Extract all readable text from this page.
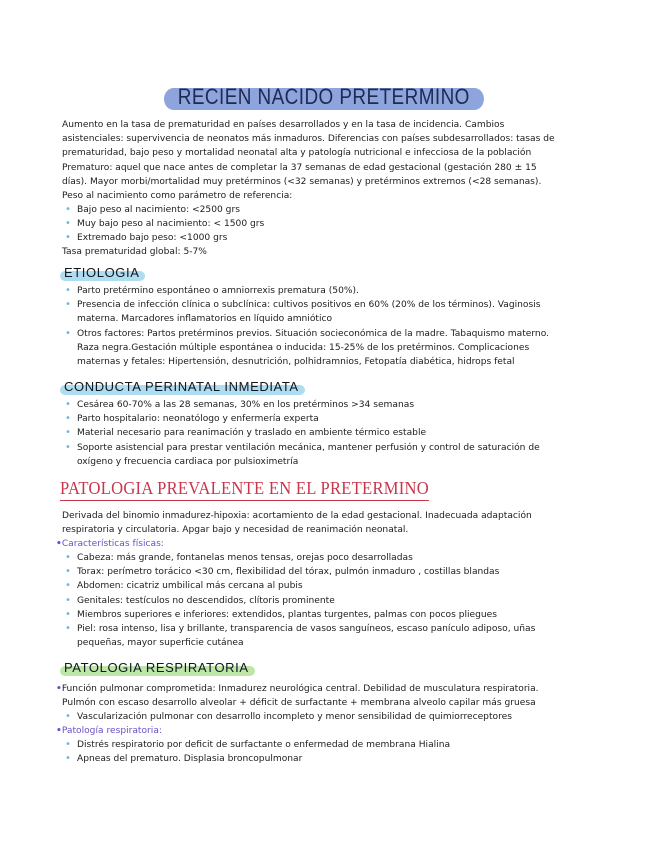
RECIEN NACIDO PRETERMINO
Aumento en la tasa de prematuridad en países desarrollados y en la tasa de incidencia. Cambios
asistenciales: supervivencia de neonatos más inmaduros. Diferencias con países subdesarrollados: tasas de
prematuridad, bajo peso y mortalidad neonatal alta y patología nutricional e infecciosa de la población
Prematuro: aquel que nace antes de completar la 37 semanas de edad gestacional (gestación 280 ± 15
días). Mayor morbi/mortalidad muy pretérminos (<32 semanas) y pretérminos extremos (<28 semanas).
Peso al nacimiento como parámetro de referencia:
• Bajo peso al nacimiento: <2500 grs
• Muy bajo peso al nacimiento: < 1500 grs
• Extremado bajo peso: <1000 grs
Tasa prematuridad global: 5-7%
ETIOLOGIA
• Parto pretérmino espontáneo o amniorrexis prematura (50%).
• Presencia de infección clínica o subclínica: cultivos positivos en 60% (20% de los términos). Vaginosis
materna. Marcadores inflamatorios en líquido amniótico
• Otros factores: Partos pretérminos previos. Situación socieconómica de la madre. Tabaquismo materno.
Raza negra.Gestación múltiple espontánea o inducida: 15-25% de los pretérminos. Complicaciones
maternas y fetales: Hipertensión, desnutrición, polhidramnios, Fetopatía diabética, hidrops fetal
CONDUCTA PERINATAL INMEDIATA
• Cesárea 60-70% a las 28 semanas, 30% en los pretérminos >34 semanas
• Parto hospitalario: neonatólogo y enfermería experta
• Material necesario para reanimación y traslado en ambiente térmico estable
• Soporte asistencial para prestar ventilación mecánica, mantener perfusión y control de saturación de
oxígeno y frecuencia cardiaca por pulsioximetría
PATOLOGIA PREVALENTE EN EL PRETERMINO
Derivada del binomio inmadurez-hipoxia: acortamiento de la edad gestacional. Inadecuada adaptación
respiratoria y circulatoria. Apgar bajo y necesidad de reanimación neonatal.
•Características físicas:
• Cabeza: más grande, fontanelas menos tensas, orejas poco desarrolladas
• Torax: perímetro torácico <30 cm, flexibilidad del tórax, pulmón inmaduro , costillas blandas
• Abdomen: cicatriz umbilical más cercana al pubis
• Genitales: testículos no descendidos, clítoris prominente
• Miembros superiores e inferiores: extendidos, plantas turgentes, palmas con pocos pliegues
• Piel: rosa intenso, lisa y brillante, transparencia de vasos sanguíneos, escaso panículo adiposo, uñas
pequeñas, mayor superficie cutánea
PATOLOGIA RESPIRATORIA
•Función pulmonar comprometida: Inmadurez neurológica central. Debilidad de musculatura respiratoria.
Pulmón con escaso desarrollo alveolar + déficit de surfactante + membrana alveolo capilar más gruesa
• Vascularización pulmonar con desarrollo incompleto y menor sensibilidad de quimiorreceptores
•Patología respiratoria:
• Distrés respiratorio por deficit de surfactante o enfermedad de membrana Hialina
• Apneas del prematuro. Displasia broncopulmonar
